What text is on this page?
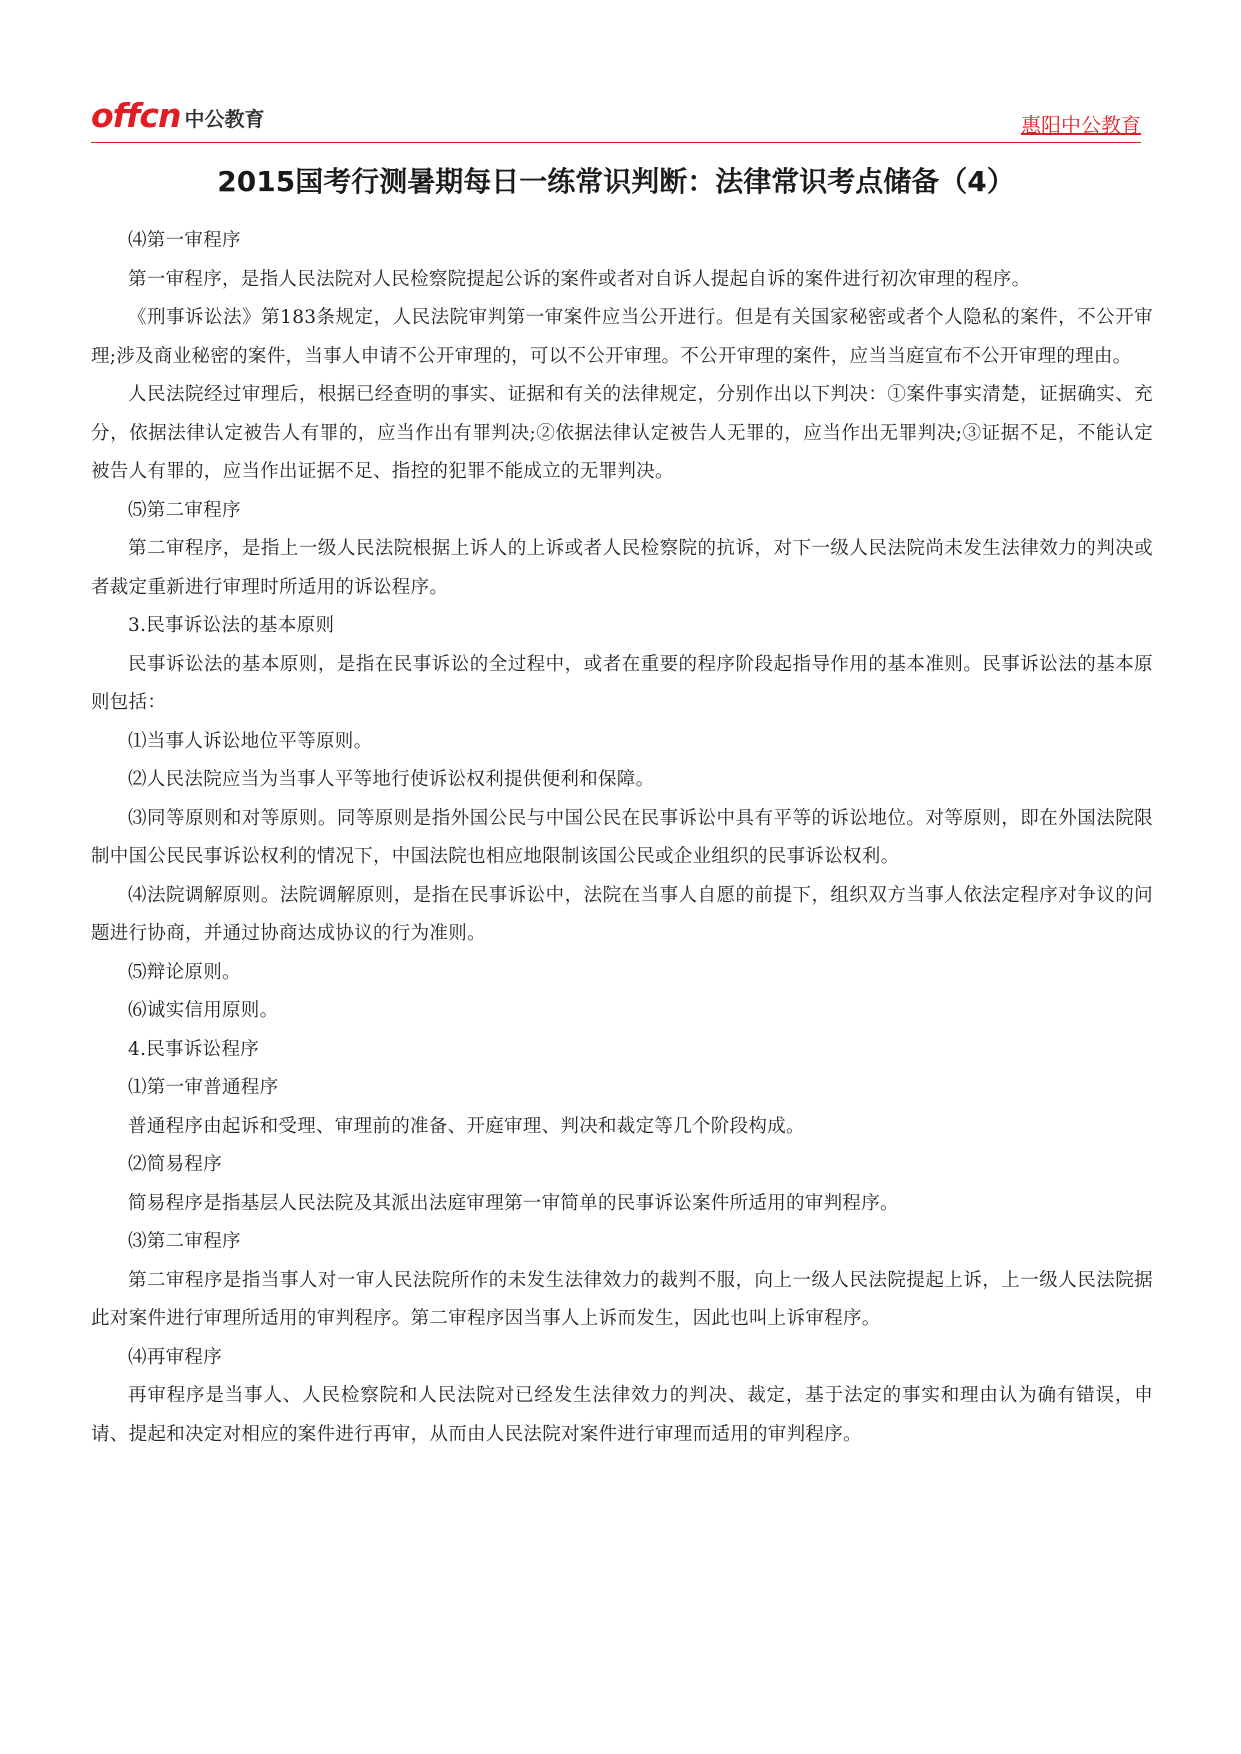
offcn 中公教育	惠阳中公教育
2015国考行测暑期每日一练常识判断：法律常识考点储备（4）

⑷第一审程序

第一审程序，是指人民法院对人民检察院提起公诉的案件或者对自诉人提起自诉的案件进行初次审理的程序。

《刑事诉讼法》第183条规定，人民法院审判第一审案件应当公开进行。但是有关国家秘密或者个人隐私的案件，不公开审理;涉及商业秘密的案件，当事人申请不公开审理的，可以不公开审理。不公开审理的案件，应当当庭宣布不公开审理的理由。

人民法院经过审理后，根据已经查明的事实、证据和有关的法律规定，分别作出以下判决：①案件事实清楚，证据确实、充分，依据法律认定被告人有罪的，应当作出有罪判决;②依据法律认定被告人无罪的，应当作出无罪判决;③证据不足，不能认定被告人有罪的，应当作出证据不足、指控的犯罪不能成立的无罪判决。

⑸第二审程序

第二审程序，是指上一级人民法院根据上诉人的上诉或者人民检察院的抗诉，对下一级人民法院尚未发生法律效力的判决或者裁定重新进行审理时所适用的诉讼程序。

3.民事诉讼法的基本原则

民事诉讼法的基本原则，是指在民事诉讼的全过程中，或者在重要的程序阶段起指导作用的基本准则。民事诉讼法的基本原则包括：

⑴当事人诉讼地位平等原则。

⑵人民法院应当为当事人平等地行使诉讼权利提供便利和保障。

⑶同等原则和对等原则。同等原则是指外国公民与中国公民在民事诉讼中具有平等的诉讼地位。对等原则，即在外国法院限制中国公民民事诉讼权利的情况下，中国法院也相应地限制该国公民或企业组织的民事诉讼权利。

⑷法院调解原则。法院调解原则，是指在民事诉讼中，法院在当事人自愿的前提下，组织双方当事人依法定程序对争议的问题进行协商，并通过协商达成协议的行为准则。

⑸辩论原则。

⑹诚实信用原则。

4.民事诉讼程序

⑴第一审普通程序

普通程序由起诉和受理、审理前的准备、开庭审理、判决和裁定等几个阶段构成。

⑵简易程序

简易程序是指基层人民法院及其派出法庭审理第一审简单的民事诉讼案件所适用的审判程序。

⑶第二审程序

第二审程序是指当事人对一审人民法院所作的未发生法律效力的裁判不服，向上一级人民法院提起上诉，上一级人民法院据此对案件进行审理所适用的审判程序。第二审程序因当事人上诉而发生，因此也叫上诉审程序。

⑷再审程序

再审程序是当事人、人民检察院和人民法院对已经发生法律效力的判决、裁定，基于法定的事实和理由认为确有错误，申请、提起和决定对相应的案件进行再审，从而由人民法院对案件进行审理而适用的审判程序。
